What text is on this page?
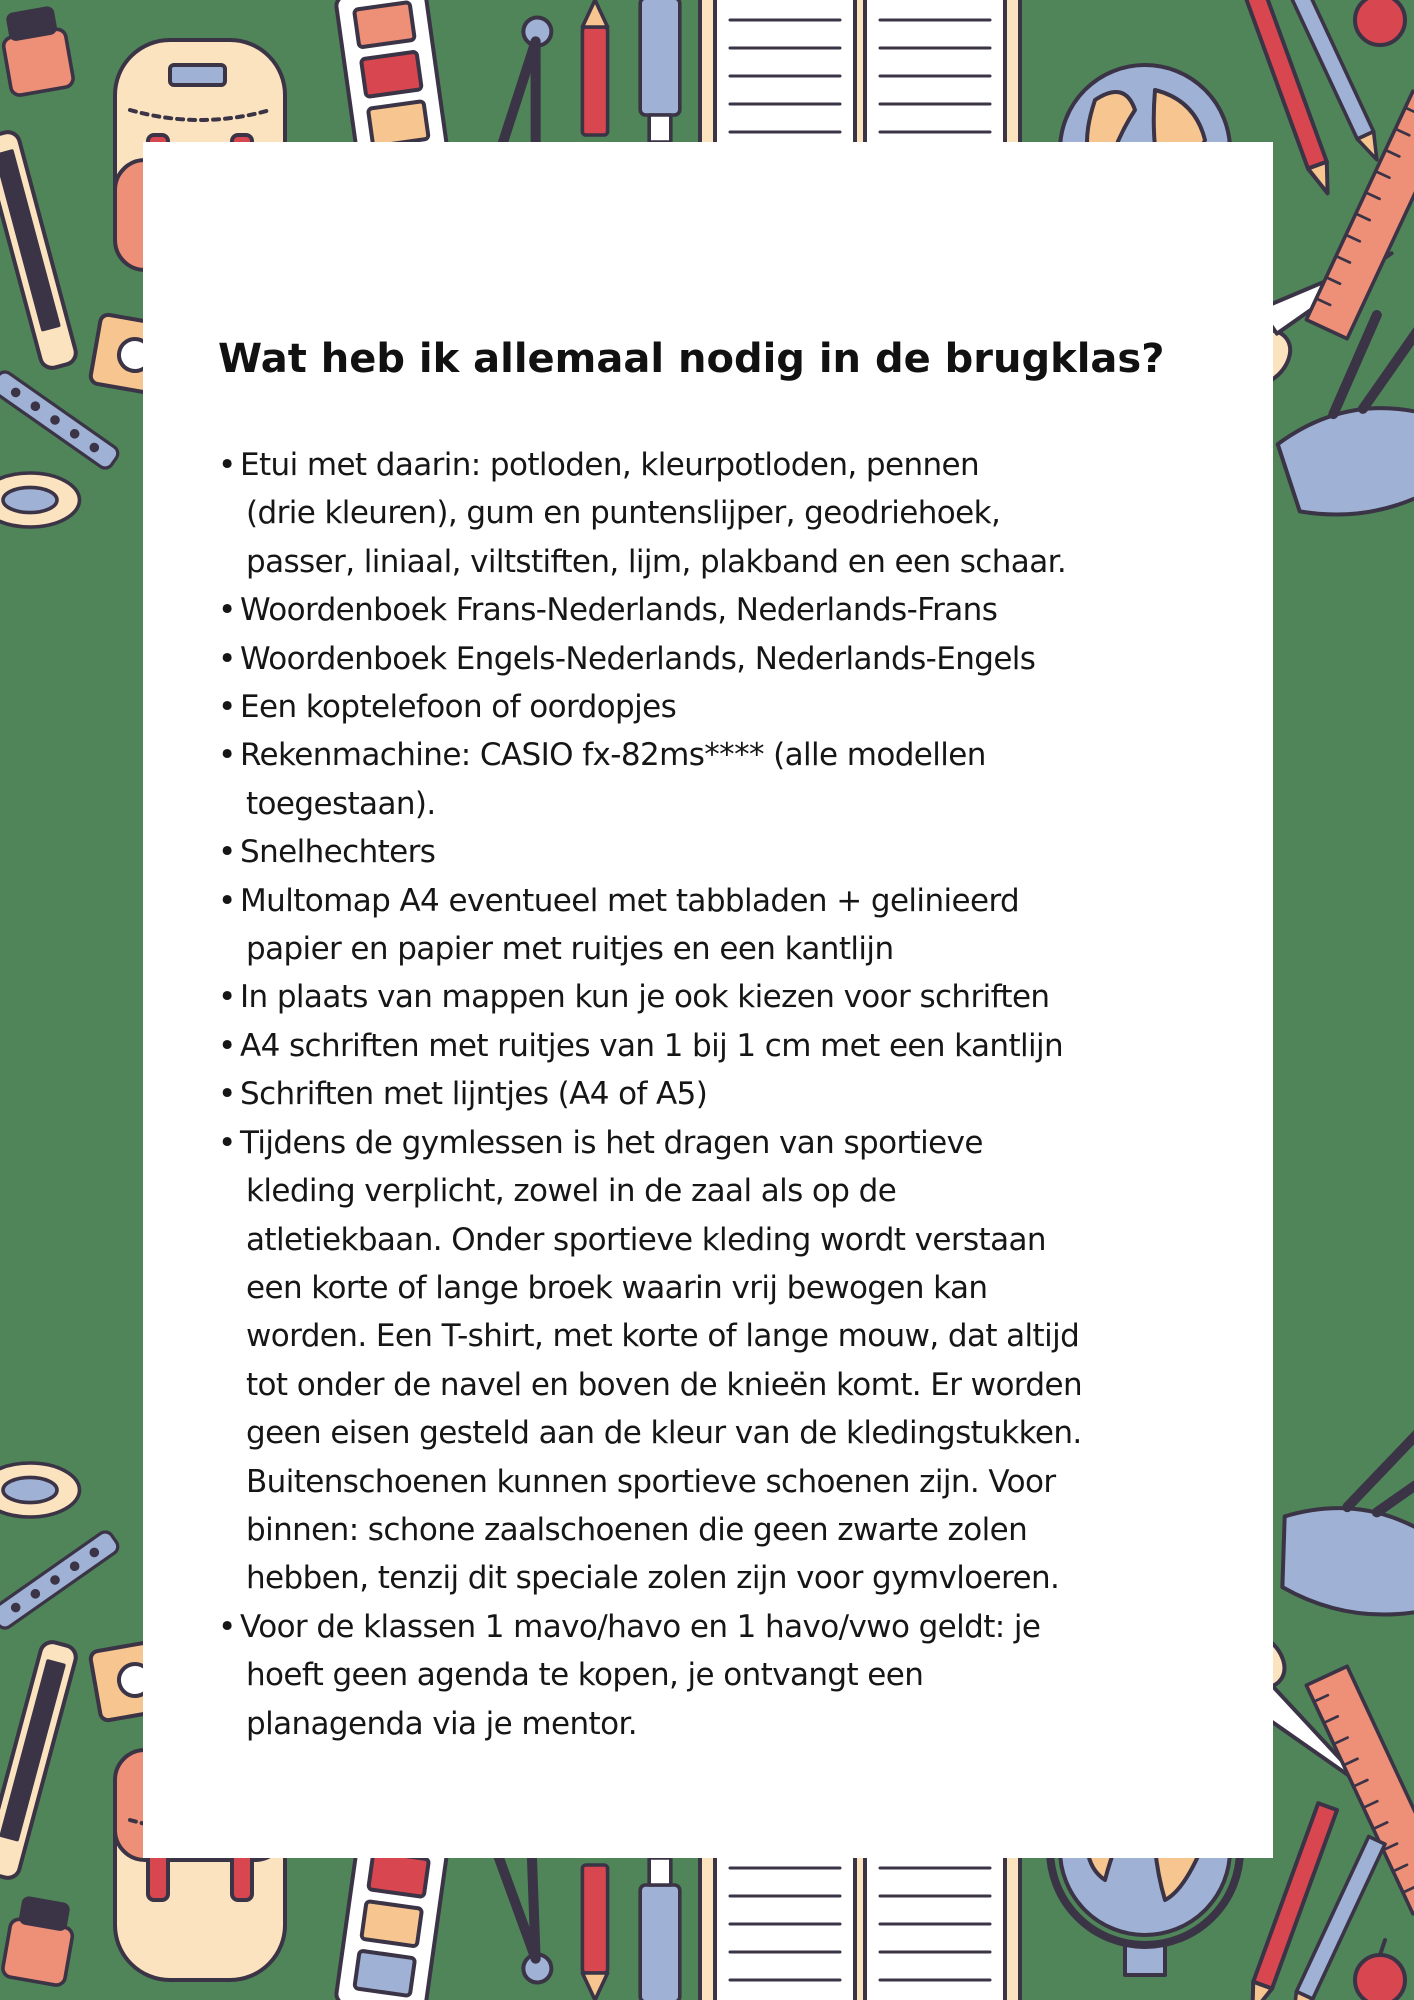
Wat heb ik allemaal nodig in de brugklas?
• Etui met daarin: potloden, kleurpotloden, pennen
(drie kleuren), gum en puntenslijper, geodriehoek,
passer, liniaal, viltstiften, lijm, plakband en een schaar.
• Woordenboek Frans-Nederlands, Nederlands-Frans
• Woordenboek Engels-Nederlands, Nederlands-Engels
• Een koptelefoon of oordopjes
• Rekenmachine: CASIO fx-82ms**** (alle modellen
toegestaan).
• Snelhechters
• Multomap A4 eventueel met tabbladen + gelinieerd
papier en papier met ruitjes en een kantlijn
• In plaats van mappen kun je ook kiezen voor schriften
• A4 schriften met ruitjes van 1 bij 1 cm met een kantlijn
• Schriften met lijntjes (A4 of A5)
• Tijdens de gymlessen is het dragen van sportieve
kleding verplicht, zowel in de zaal als op de
atletiekbaan. Onder sportieve kleding wordt verstaan
een korte of lange broek waarin vrij bewogen kan
worden. Een T-shirt, met korte of lange mouw, dat altijd
tot onder de navel en boven de knieën komt. Er worden
geen eisen gesteld aan de kleur van de kledingstukken.
Buitenschoenen kunnen sportieve schoenen zijn. Voor
binnen: schone zaalschoenen die geen zwarte zolen
hebben, tenzij dit speciale zolen zijn voor gymvloeren.
• Voor de klassen 1 mavo/havo en 1 havo/vwo geldt: je
hoeft geen agenda te kopen, je ontvangt een
planagenda via je mentor.
